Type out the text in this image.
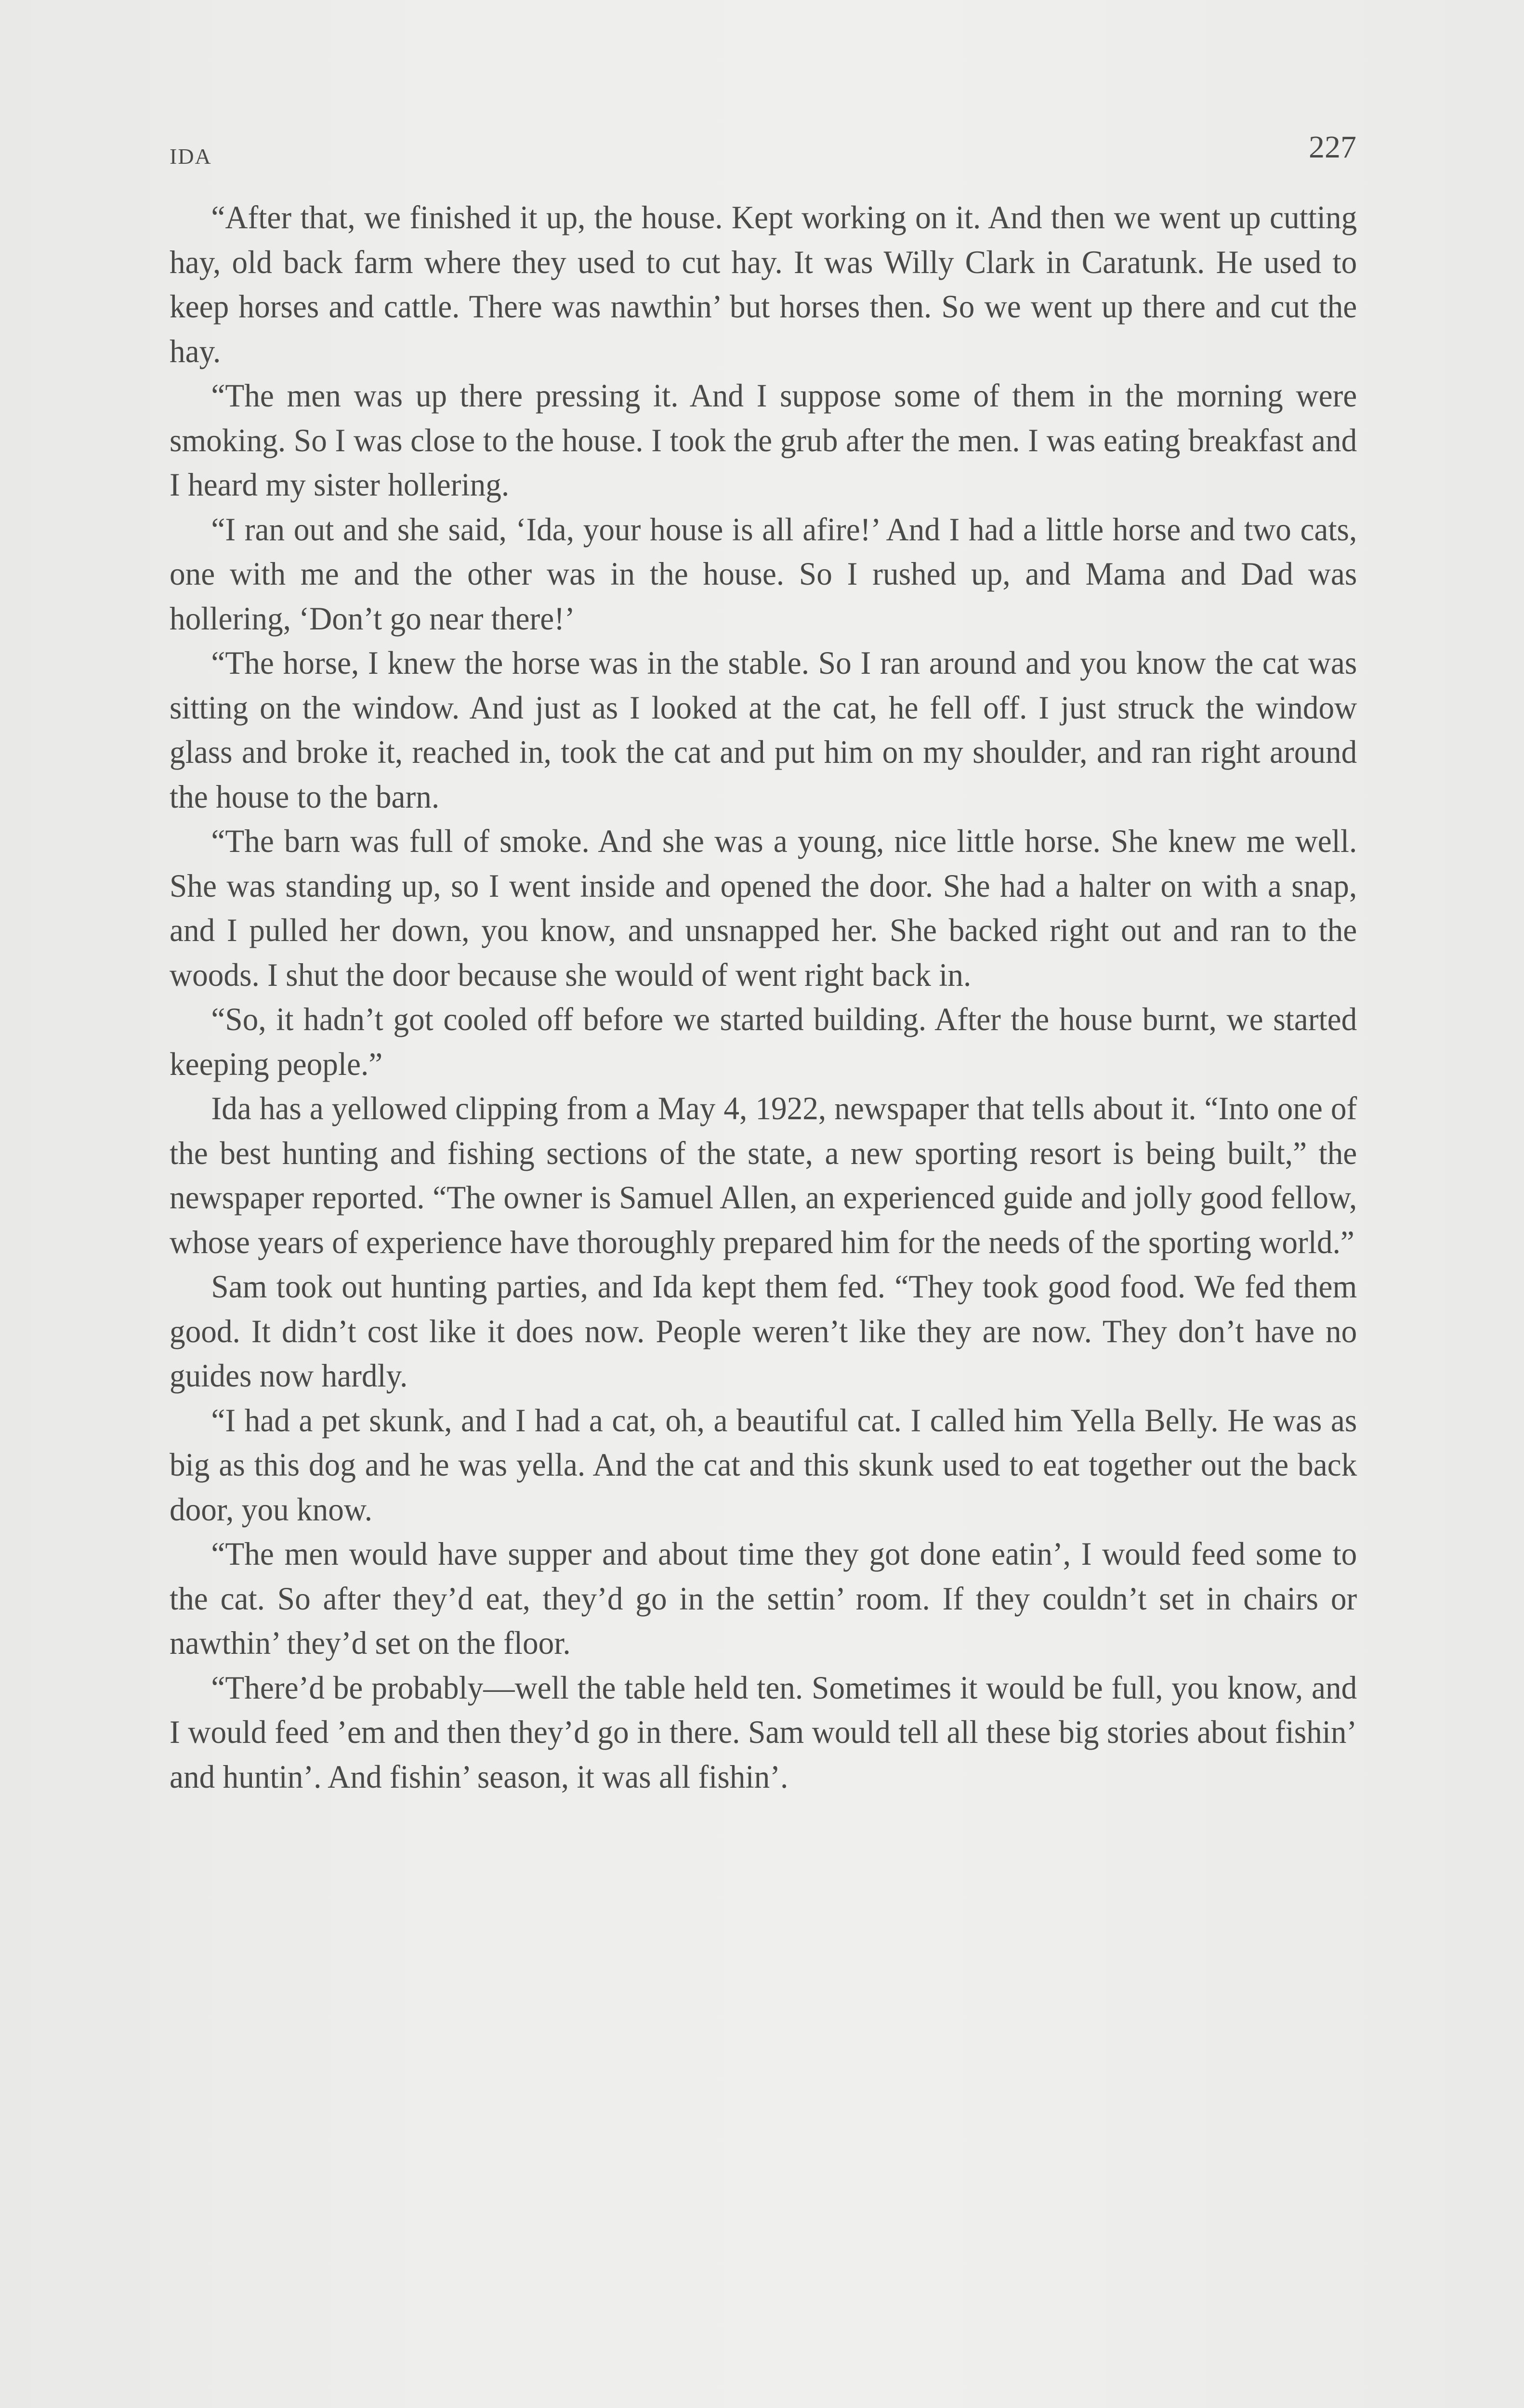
IDA	227

“After that, we finished it up, the house. Kept working on it. And then we went up cutting hay, old back farm where they used to cut hay. It was Willy Clark in Caratunk. He used to keep horses and cattle. There was nawthin’ but horses then. So we went up there and cut the hay.

“The men was up there pressing it. And I suppose some of them in the morning were smoking. So I was close to the house. I took the grub after the men. I was eating breakfast and I heard my sister hollering.

“I ran out and she said, ‘Ida, your house is all afire!’ And I had a little horse and two cats, one with me and the other was in the house. So I rushed up, and Mama and Dad was hollering, ‘Don’t go near there!’

“The horse, I knew the horse was in the stable. So I ran around and you know the cat was sitting on the window. And just as I looked at the cat, he fell off. I just struck the window glass and broke it, reached in, took the cat and put him on my shoulder, and ran right around the house to the barn.

“The barn was full of smoke. And she was a young, nice little horse. She knew me well. She was standing up, so I went inside and opened the door. She had a halter on with a snap, and I pulled her down, you know, and unsnapped her. She backed right out and ran to the woods. I shut the door because she would of went right back in.

“So, it hadn’t got cooled off before we started building. After the house burnt, we started keeping people.”

Ida has a yellowed clipping from a May 4, 1922, newspaper that tells about it. “Into one of the best hunting and fishing sections of the state, a new sporting resort is being built,” the newspaper reported. “The owner is Samuel Allen, an experienced guide and jolly good fellow, whose years of experience have thoroughly prepared him for the needs of the sporting world.”

Sam took out hunting parties, and Ida kept them fed. “They took good food. We fed them good. It didn’t cost like it does now. People weren’t like they are now. They don’t have no guides now hardly.

“I had a pet skunk, and I had a cat, oh, a beautiful cat. I called him Yella Belly. He was as big as this dog and he was yella. And the cat and this skunk used to eat together out the back door, you know.

“The men would have supper and about time they got done eatin’, I would feed some to the cat. So after they’d eat, they’d go in the settin’ room. If they couldn’t set in chairs or nawthin’ they’d set on the floor.

“There’d be probably—well the table held ten. Sometimes it would be full, you know, and I would feed ’em and then they’d go in there. Sam would tell all these big stories about fishin’ and huntin’. And fishin’ season, it was all fishin’.
